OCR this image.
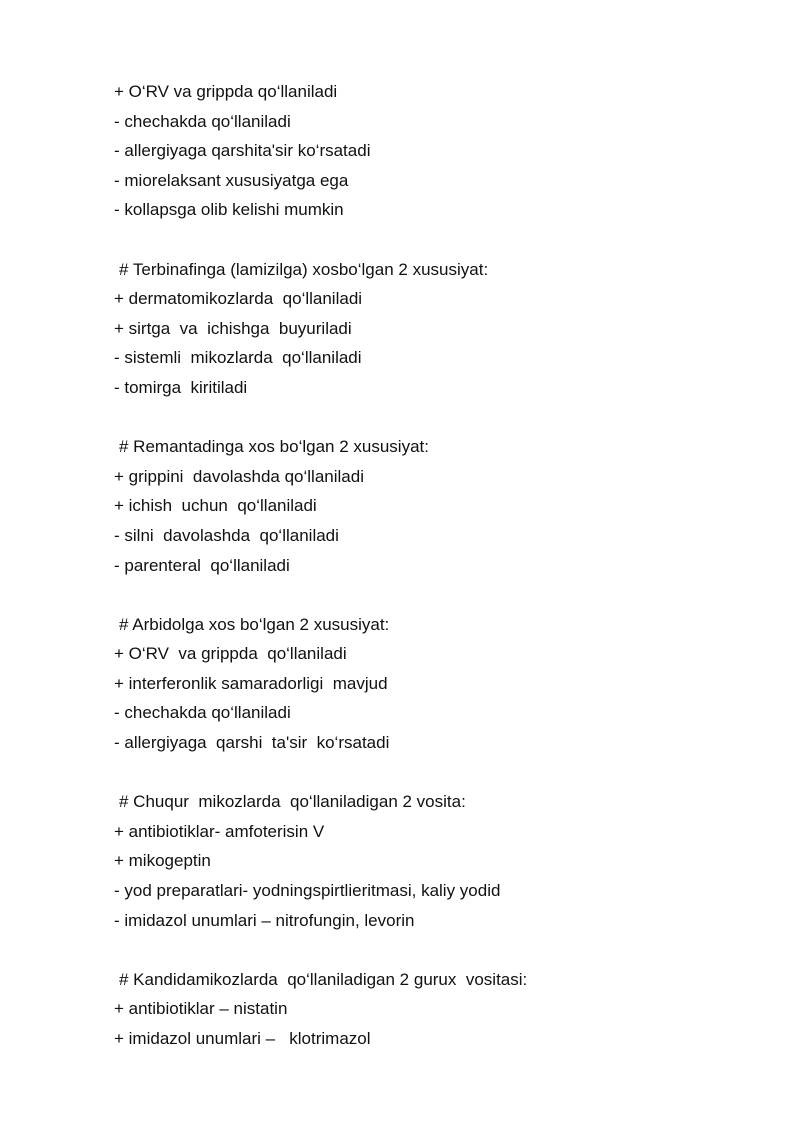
+ O‘RV va grippda qo‘llaniladi
- chechakda qo‘llaniladi
- allergiyaga qarshita'sir ko‘rsatadi
- miorelaksant xususiyatga ega
- kollapsga olib kelishi mumkin
# Terbinafinga (lamizilga) xosbo‘lgan 2 xususiyat:
+ dermatomikozlarda  qo‘llaniladi
+ sirtga  va  ichishga  buyuriladi
- sistemli  mikozlarda  qo‘llaniladi
- tomirga  kiritiladi
# Remantadinga xos bo‘lgan 2 xususiyat:
+ grippini  davolashda qo‘llaniladi
+ ichish  uchun  qo‘llaniladi
- silni  davolashda  qo‘llaniladi
- parenteral  qo‘llaniladi
# Arbidolga xos bo‘lgan 2 xususiyat:
+ O‘RV  va grippda  qo‘llaniladi
+ interferonlik samaradorligi  mavjud
- chechakda qo‘llaniladi
- allergiyaga  qarshi  ta'sir  ko‘rsatadi
# Chuqur  mikozlarda  qo‘llaniladigan 2 vosita:
+ antibiotiklar- amfoterisin V
+ mikogeptin
- yod preparatlari- yodningspirtlieritmasi, kaliy yodid
- imidazol unumlari – nitrofungin, levorin
# Kandidamikozlarda  qo‘llaniladigan 2 gurux  vositasi:
+ antibiotiklar – nistatin
+ imidazol unumlari –   klotrimazol
